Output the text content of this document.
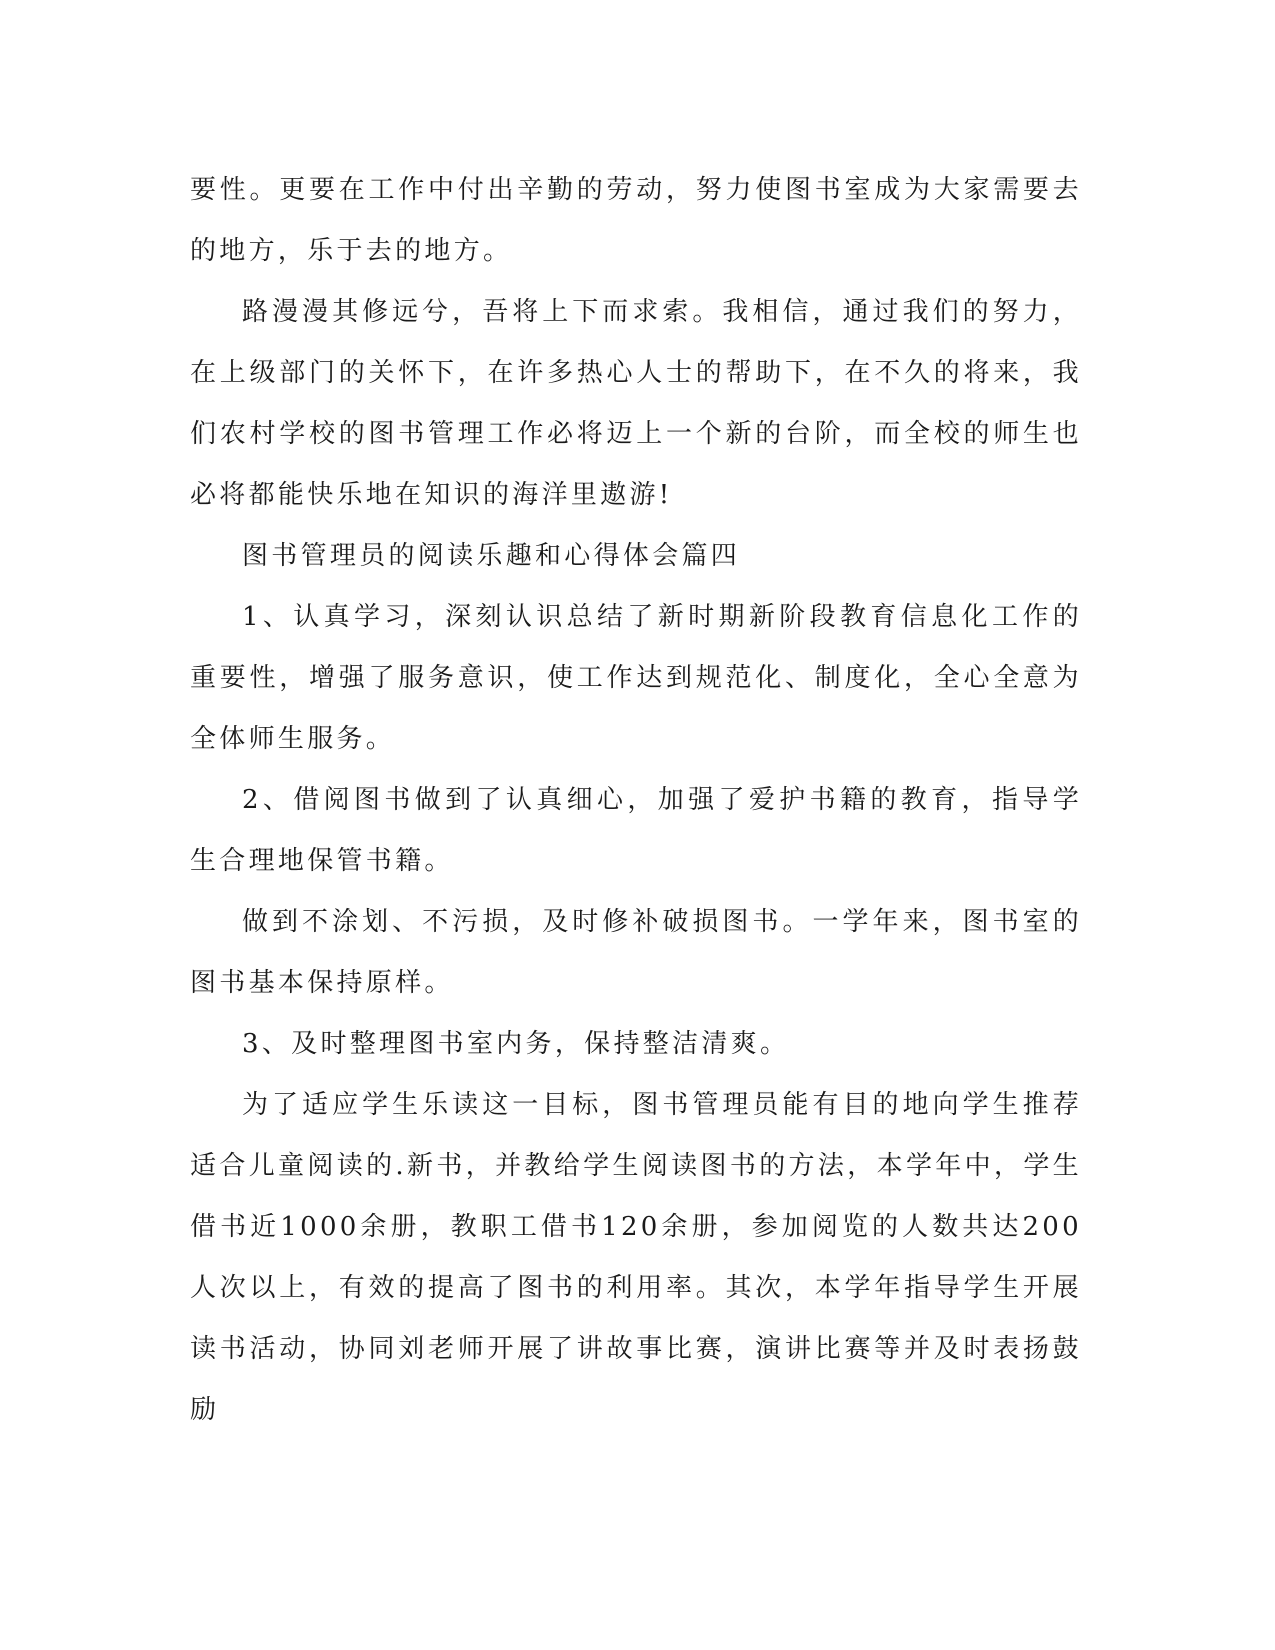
要性。更要在工作中付出辛勤的劳动，努力使图书室成为大家需要去的地方，乐于去的地方。

路漫漫其修远兮，吾将上下而求索。我相信，通过我们的努力，在上级部门的关怀下，在许多热心人士的帮助下，在不久的将来，我们农村学校的图书管理工作必将迈上一个新的台阶，而全校的师生也必将都能快乐地在知识的海洋里遨游!

图书管理员的阅读乐趣和心得体会篇四

1、认真学习，深刻认识总结了新时期新阶段教育信息化工作的重要性，增强了服务意识，使工作达到规范化、制度化，全心全意为全体师生服务。

2、借阅图书做到了认真细心，加强了爱护书籍的教育，指导学生合理地保管书籍。

做到不涂划、不污损，及时修补破损图书。一学年来，图书室的图书基本保持原样。

3、及时整理图书室内务，保持整洁清爽。

为了适应学生乐读这一目标，图书管理员能有目的地向学生推荐适合儿童阅读的.新书，并教给学生阅读图书的方法，本学年中，学生借书近1000余册，教职工借书120余册，参加阅览的人数共达200人次以上，有效的提高了图书的利用率。其次，本学年指导学生开展读书活动，协同刘老师开展了讲故事比赛，演讲比赛等并及时表扬鼓励
